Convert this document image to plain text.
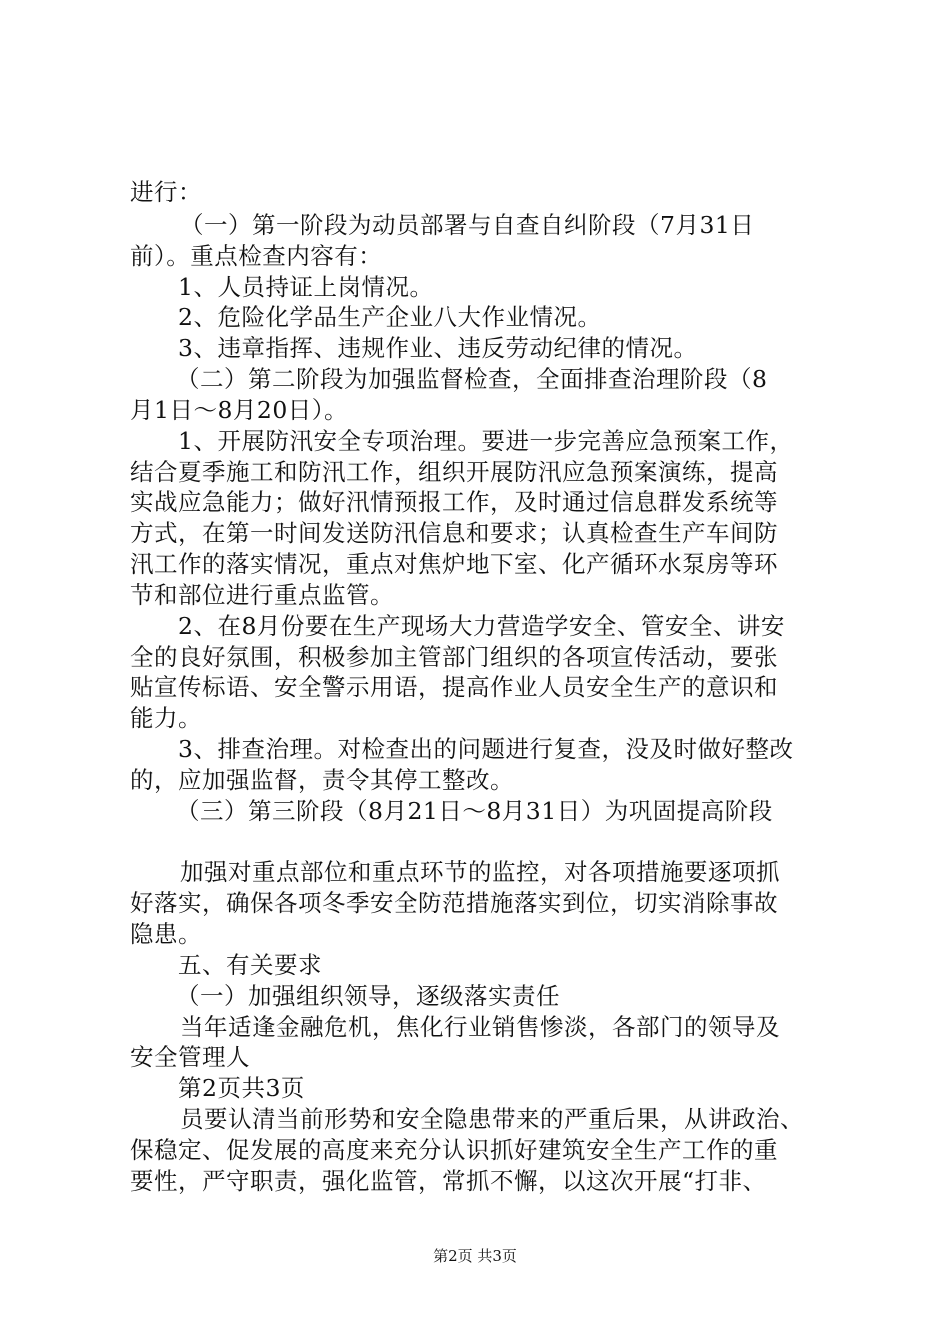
进行：
（一）第一阶段为动员部署与自查自纠阶段（7月31日
前）。重点检查内容有：
1、人员持证上岗情况。
2、危险化学品生产企业八大作业情况。
3、违章指挥、违规作业、违反劳动纪律的情况。
（二）第二阶段为加强监督检查，全面排查治理阶段（8
月1日～8月20日）。
1、开展防汛安全专项治理。要进一步完善应急预案工作，
结合夏季施工和防汛工作，组织开展防汛应急预案演练，提高
实战应急能力；做好汛情预报工作，及时通过信息群发系统等
方式，在第一时间发送防汛信息和要求；认真检查生产车间防
汛工作的落实情况，重点对焦炉地下室、化产循环水泵房等环
节和部位进行重点监管。
2、在8月份要在生产现场大力营造学安全、管安全、讲安
全的良好氛围，积极参加主管部门组织的各项宣传活动，要张
贴宣传标语、安全警示用语，提高作业人员安全生产的意识和
能力。
3、排查治理。对检查出的问题进行复查，没及时做好整改
的，应加强监督，责令其停工整改。
（三）第三阶段（8月21日～8月31日）为巩固提高阶段
加强对重点部位和重点环节的监控，对各项措施要逐项抓
好落实，确保各项冬季安全防范措施落实到位，切实消除事故
隐患。
五、有关要求
（一）加强组织领导，逐级落实责任
当年适逢金融危机，焦化行业销售惨淡，各部门的领导及
安全管理人
第2页共3页
员要认清当前形势和安全隐患带来的严重后果，从讲政治、
保稳定、促发展的高度来充分认识抓好建筑安全生产工作的重
要性，严守职责，强化监管，常抓不懈，以这次开展“打非、
第2页 共3页
